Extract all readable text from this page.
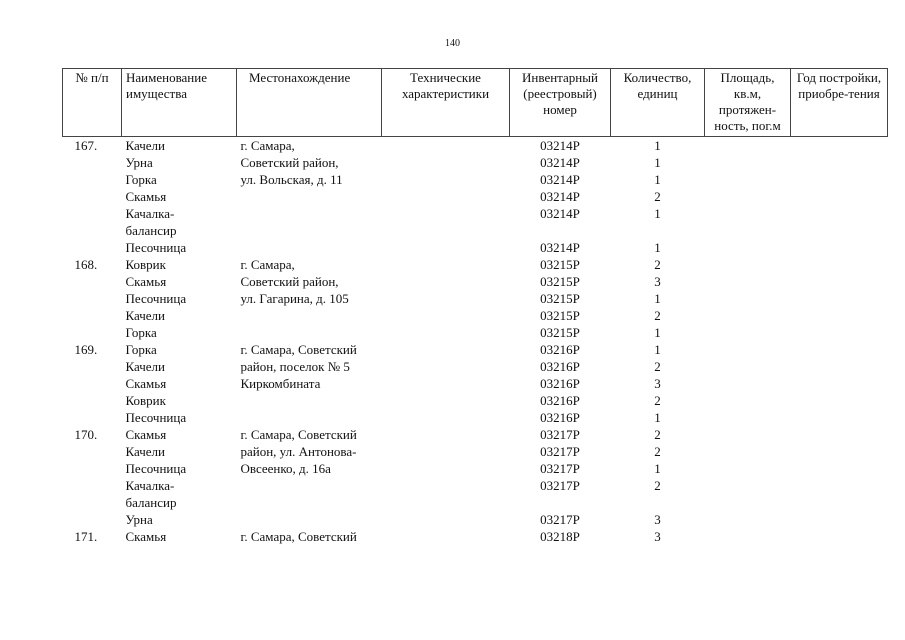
140
№ п/п	Наименование имущества	Местонахождение	Технические характеристики	Инвентарный (реестровый) номер	Количество, единиц	Площадь, кв.м, протяжен-ность, пог.м	Год постройки, приобре-тения
167.	Качели	г. Самара,		03214Р	1		
	Урна	Советский район,		03214Р	1		
	Горка	ул. Вольская, д. 11		03214Р	1		
	Скамья			03214Р	2		
	Качалка-			03214Р	1		
	балансир						
	Песочница			03214Р	1		
168.	Коврик	г. Самара,		03215Р	2		
	Скамья	Советский район,		03215Р	3		
	Песочница	ул. Гагарина, д. 105		03215Р	1		
	Качели			03215Р	2		
	Горка			03215Р	1		
169.	Горка	г. Самара, Советский		03216Р	1		
	Качели	район, поселок № 5		03216Р	2		
	Скамья	Киркомбината		03216Р	3		
	Коврик			03216Р	2		
	Песочница			03216Р	1		
170.	Скамья	г. Самара, Советский		03217Р	2		
	Качели	район, ул. Антонова-		03217Р	2		
	Песочница	Овсеенко, д. 16а		03217Р	1		
	Качалка-			03217Р	2		
	балансир						
	Урна			03217Р	3		
171.	Скамья	г. Самара, Советский		03218Р	3		
